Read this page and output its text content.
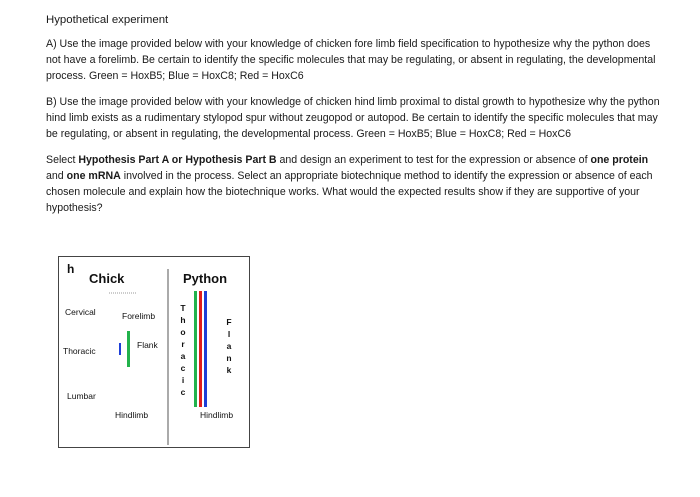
Hypothetical experiment

A) Use the image provided below with your knowledge of chicken fore limb field specification to hypothesize why the python does not have a forelimb. Be certain to identify the specific molecules that may be regulating, or absent in regulating, the developmental process. Green = HoxB5; Blue = HoxC8; Red = HoxC6

B) Use the image provided below with your knowledge of chicken hind limb proximal to distal growth to hypothesize why the python hind limb exists as a rudimentary stylopod spur without zeugopod or autopod. Be certain to identify the specific molecules that may be regulating, or absent in regulating, the developmental process. Green = HoxB5; Blue = HoxC8; Red = HoxC6

Select Hypothesis Part A or Hypothesis Part B and design an experiment to test for the expression or absence of one protein and one mRNA involved in the process. Select an appropriate biotechnique method to identify the expression or absence of each chosen molecule and explain how the biotechnique works. What would the expected results show if they are supportive of your hypothesis?

h
Chick	Python
Cervical	Forelimb
Thoracic
Flank
Lumbar
Hindlimb	Hindlimb
T
h
o
r
a
c
i
c
F
l
a
n
k
